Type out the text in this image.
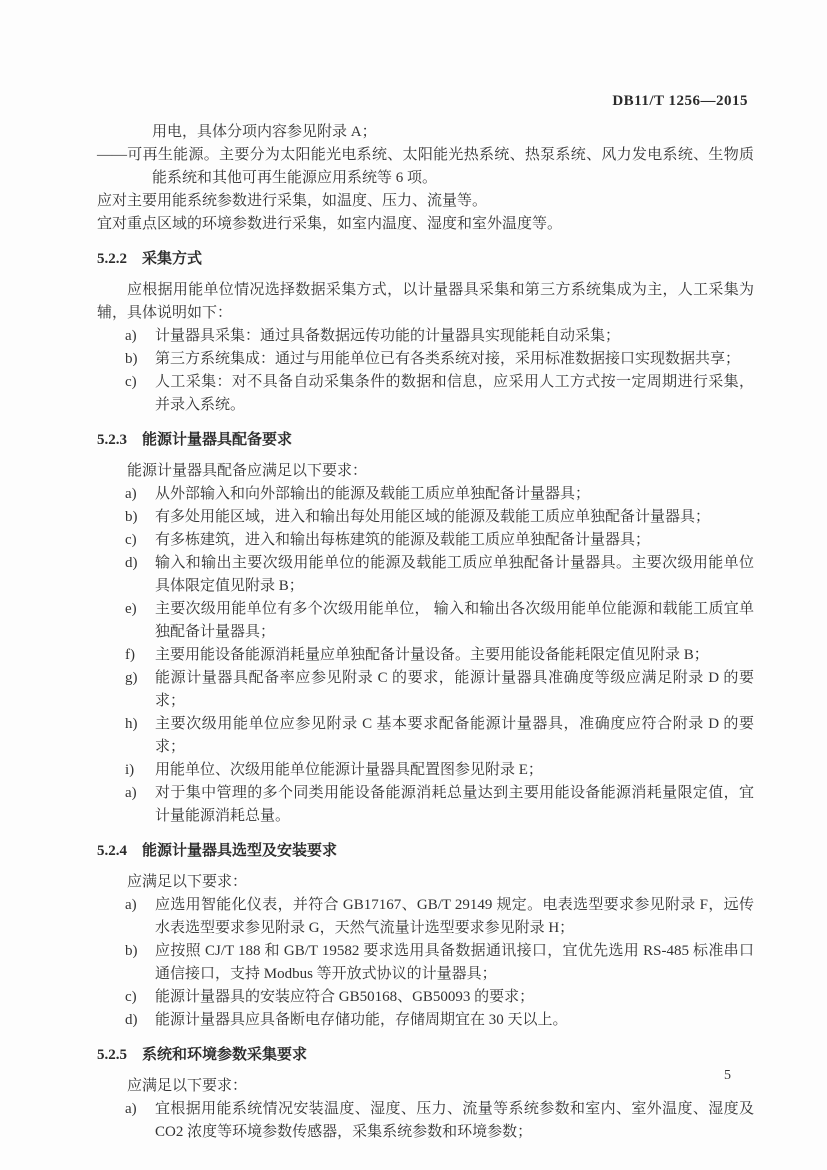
DB11/T 1256—2015

用电，具体分项内容参见附录 A；

——可再生能源。主要分为太阳能光电系统、太阳能光热系统、热泵系统、风力发电系统、生物质能系统和其他可再生能源应用系统等 6 项。

应对主要用能系统参数进行采集，如温度、压力、流量等。

宜对重点区域的环境参数进行采集，如室内温度、湿度和室外温度等。

5.2.2 采集方式

应根据用能单位情况选择数据采集方式，以计量器具采集和第三方系统集成为主，人工采集为辅，具体说明如下：

a) 计量器具采集：通过具备数据远传功能的计量器具实现能耗自动采集；

b) 第三方系统集成：通过与用能单位已有各类系统对接，采用标准数据接口实现数据共享；

c) 人工采集：对不具备自动采集条件的数据和信息，应采用人工方式按一定周期进行采集，并录入系统。

5.2.3 能源计量器具配备要求

能源计量器具配备应满足以下要求：

a) 从外部输入和向外部输出的能源及载能工质应单独配备计量器具；

b) 有多处用能区域，进入和输出每处用能区域的能源及载能工质应单独配备计量器具；

c) 有多栋建筑，进入和输出每栋建筑的能源及载能工质应单独配备计量器具；

d) 输入和输出主要次级用能单位的能源及载能工质应单独配备计量器具。主要次级用能单位具体限定值见附录 B；

e) 主要次级用能单位有多个次级用能单位， 输入和输出各次级用能单位能源和载能工质宜单独配备计量器具；

f) 主要用能设备能源消耗量应单独配备计量设备。主要用能设备能耗限定值见附录 B；

g) 能源计量器具配备率应参见附录 C 的要求，能源计量器具准确度等级应满足附录 D 的要求；

h) 主要次级用能单位应参见附录 C 基本要求配备能源计量器具，准确度应符合附录 D 的要求；

i) 用能单位、次级用能单位能源计量器具配置图参见附录 E；

a) 对于集中管理的多个同类用能设备能源消耗总量达到主要用能设备能源消耗量限定值，宜计量能源消耗总量。

5.2.4 能源计量器具选型及安装要求

应满足以下要求：

a) 应选用智能化仪表，并符合 GB17167、GB/T 29149 规定。电表选型要求参见附录 F，远传水表选型要求参见附录 G，天然气流量计选型要求参见附录 H；

b) 应按照 CJ/T 188 和 GB/T 19582 要求选用具备数据通讯接口，宜优先选用 RS-485 标准串口通信接口，支持 Modbus 等开放式协议的计量器具；

c) 能源计量器具的安装应符合 GB50168、GB50093 的要求；

d) 能源计量器具应具备断电存储功能，存储周期宜在 30 天以上。

5.2.5 系统和环境参数采集要求

应满足以下要求：

a) 宜根据用能系统情况安装温度、湿度、压力、流量等系统参数和室内、室外温度、湿度及 CO2 浓度等环境参数传感器，采集系统参数和环境参数；

5
